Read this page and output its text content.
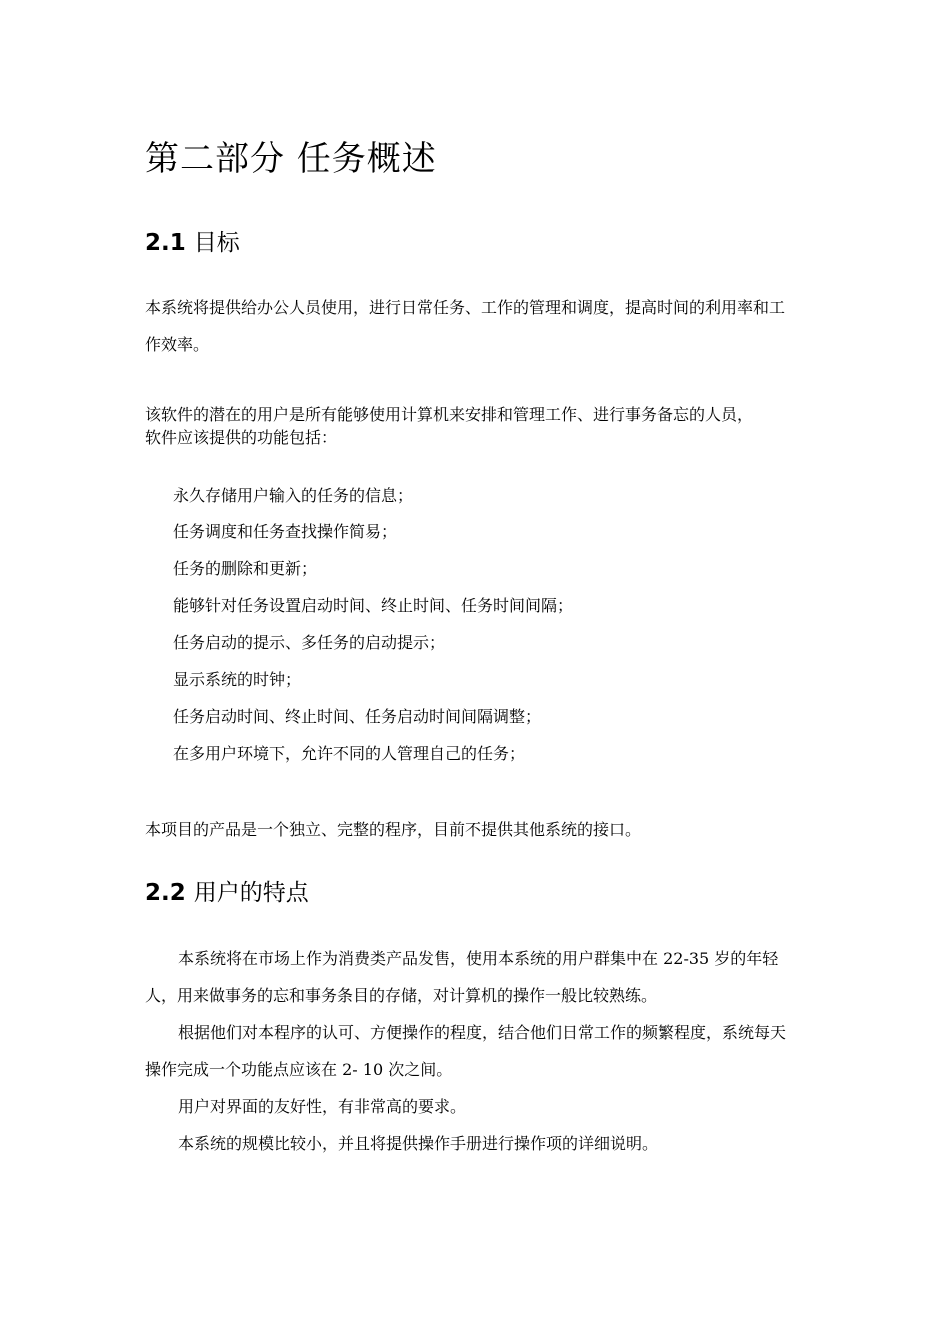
第二部分 任务概述
2.1 目标
本系统将提供给办公人员使用，进行日常任务、工作的管理和调度，提高时间的利用率和工
作效率。
该软件的潜在的用户是所有能够使用计算机来安排和管理工作、进行事务备忘的人员，
软件应该提供的功能包括：
永久存储用户输入的任务的信息；
任务调度和任务查找操作简易；
任务的删除和更新；
能够针对任务设置启动时间、终止时间、任务时间间隔；
任务启动的提示、多任务的启动提示；
显示系统的时钟；
任务启动时间、终止时间、任务启动时间间隔调整；
在多用户环境下，允许不同的人管理自己的任务；
本项目的产品是一个独立、完整的程序，目前不提供其他系统的接口。
2.2 用户的特点
本系统将在市场上作为消费类产品发售，使用本系统的用户群集中在 22-35 岁的年轻
人，用来做事务的忘和事务条目的存储，对计算机的操作一般比较熟练。
根据他们对本程序的认可、方便操作的程度，结合他们日常工作的频繁程度，系统每天
操作完成一个功能点应该在 2- 10 次之间。
用户对界面的友好性，有非常高的要求。
本系统的规模比较小，并且将提供操作手册进行操作项的详细说明。
